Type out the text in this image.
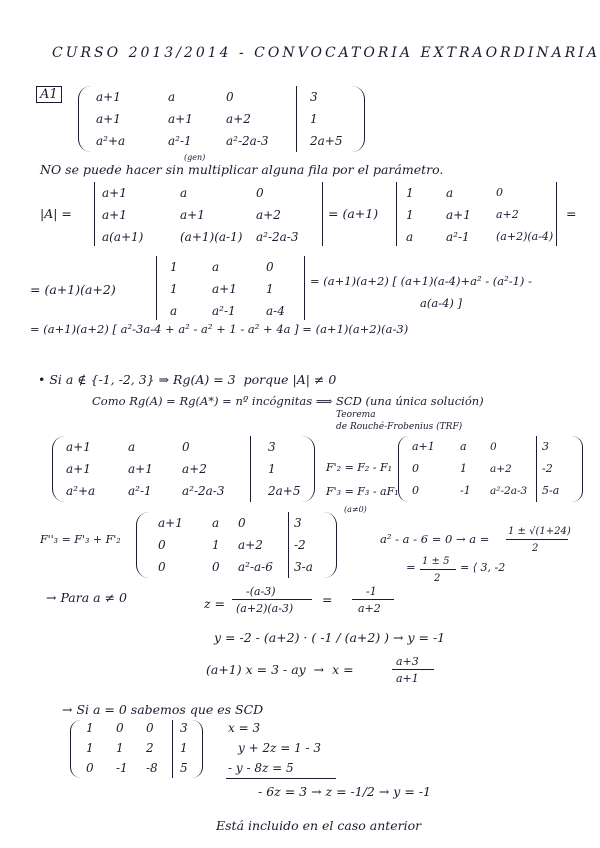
CURSO 2013/2014 - CONVOCATORIA EXTRAORDINARIA
A1	a+1
a+1
a²+a
a
a+1
a²-1
0
a+2
a²-2a-3
3
1
2a+5
NO se puede hacer sin multiplicar alguna fila por el parámetro.
(gen)
|A| =
a+1
a+1
a(a+1)
a
a+1
(a+1)(a-1)
0
a+2
a²-2a-3
= (a+1)
1
1
a
a
a+1
a²-1
0
a+2
(a+2)(a-4)
=
= (a+1)(a+2)
1
1
a
a
a+1
a²-1
0
1
a-4
= (a+1)(a+2) [ (a+1)(a-4)+a² - (a²-1) -
a(a-4) ]
= (a+1)(a+2) [ a²-3a-4 + a² - a² + 1 - a² + 4a ] = (a+1)(a+2)(a-3)
• Si a ∉ {-1, -2, 3} ⇒ Rg(A) = 3  porque |A| ≠ 0
Como Rg(A) = Rg(A*) = nº incógnitas ⟹ SCD (una única solución)
Teorema
de Rouché-Frobenius (TRF)
a+1
a+1
a²+a
a
a+1
a²-1
0
a+2
a²-2a-3
3
1
2a+5
F'₂ = F₂ - F₁
F'₃ = F₃ - aF₁
(a≠0)
a+1
0
0
a
1
-1
0
a+2
a²-2a-3
3
-2
5-a
F''₃ = F'₃ + F'₂
a+1
0
0
a
1
0
0
a+2
a²-a-6
3
-2
3-a
a² - a - 6 = 0 → a =
1 ± √(1+24)
2
= 1 ± 5
2
= ⟨ 3, -2
→ Para a ≠ 0	z =
-(a-3)
(a+2)(a-3)
=
-1
a+2
y = -2 - (a+2) · ( -1 / (a+2) ) → y = -1
(a+1) x = 3 - ay  →  x =
a+3
a+1
→ Si a = 0 sabemos que es SCD
1
1
0
0
1
-1
0
2
-8
3
1
5
x = 3
y + 2z = 1 - 3
- y - 8z = 5
- 6z = 3 → z = -1/2 → y = -1
Está incluido en el caso anterior
